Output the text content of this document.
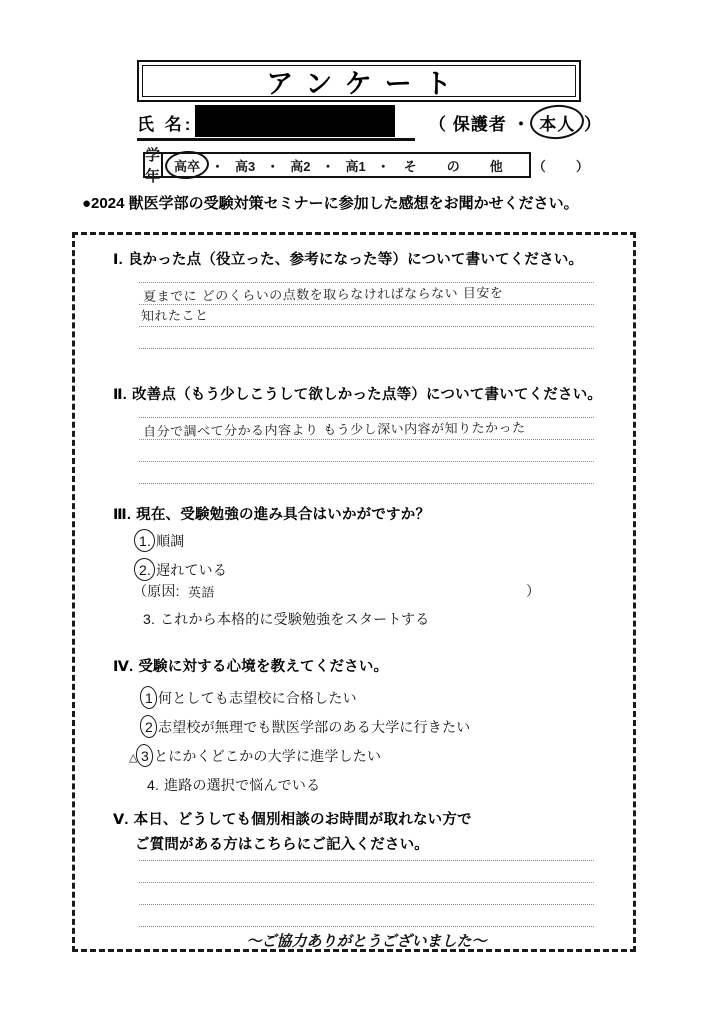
アンケート
氏 名:	（ 保護者 ・ 本人 ）
学年
高卒 ・ 高3 ・ 高2 ・ 高1 ・	その他（ ）
●2024 獣医学部の受験対策セミナーに参加した感想をお聞かせください。
Ⅰ. 良かった点（役立った、参考になった等）について書いてください。
夏までに どのくらいの点数を取らなければならない 目安を
知れたこと
Ⅱ. 改善点（もう少しこうして欲しかった点等）について書いてください。
自分で調べて分かる内容より もう少し深い内容が知りたかった
Ⅲ. 現在、受験勉強の進み具合はいかがですか？
1. 順調
2. 遅れている
（原因: 英語	）
3. これから本格的に受験勉強をスタートする
Ⅳ. 受験に対する心境を教えてください。
1 何としても志望校に合格したい
2 志望校が無理でも獣医学部のある大学に行きたい
△ 3 とにかくどこかの大学に進学したい
4. 進路の選択で悩んでいる
Ⅴ. 本日、どうしても個別相談のお時間が取れない方で
ご質問がある方はこちらにご記入ください。
～ご協力ありがとうございました～
